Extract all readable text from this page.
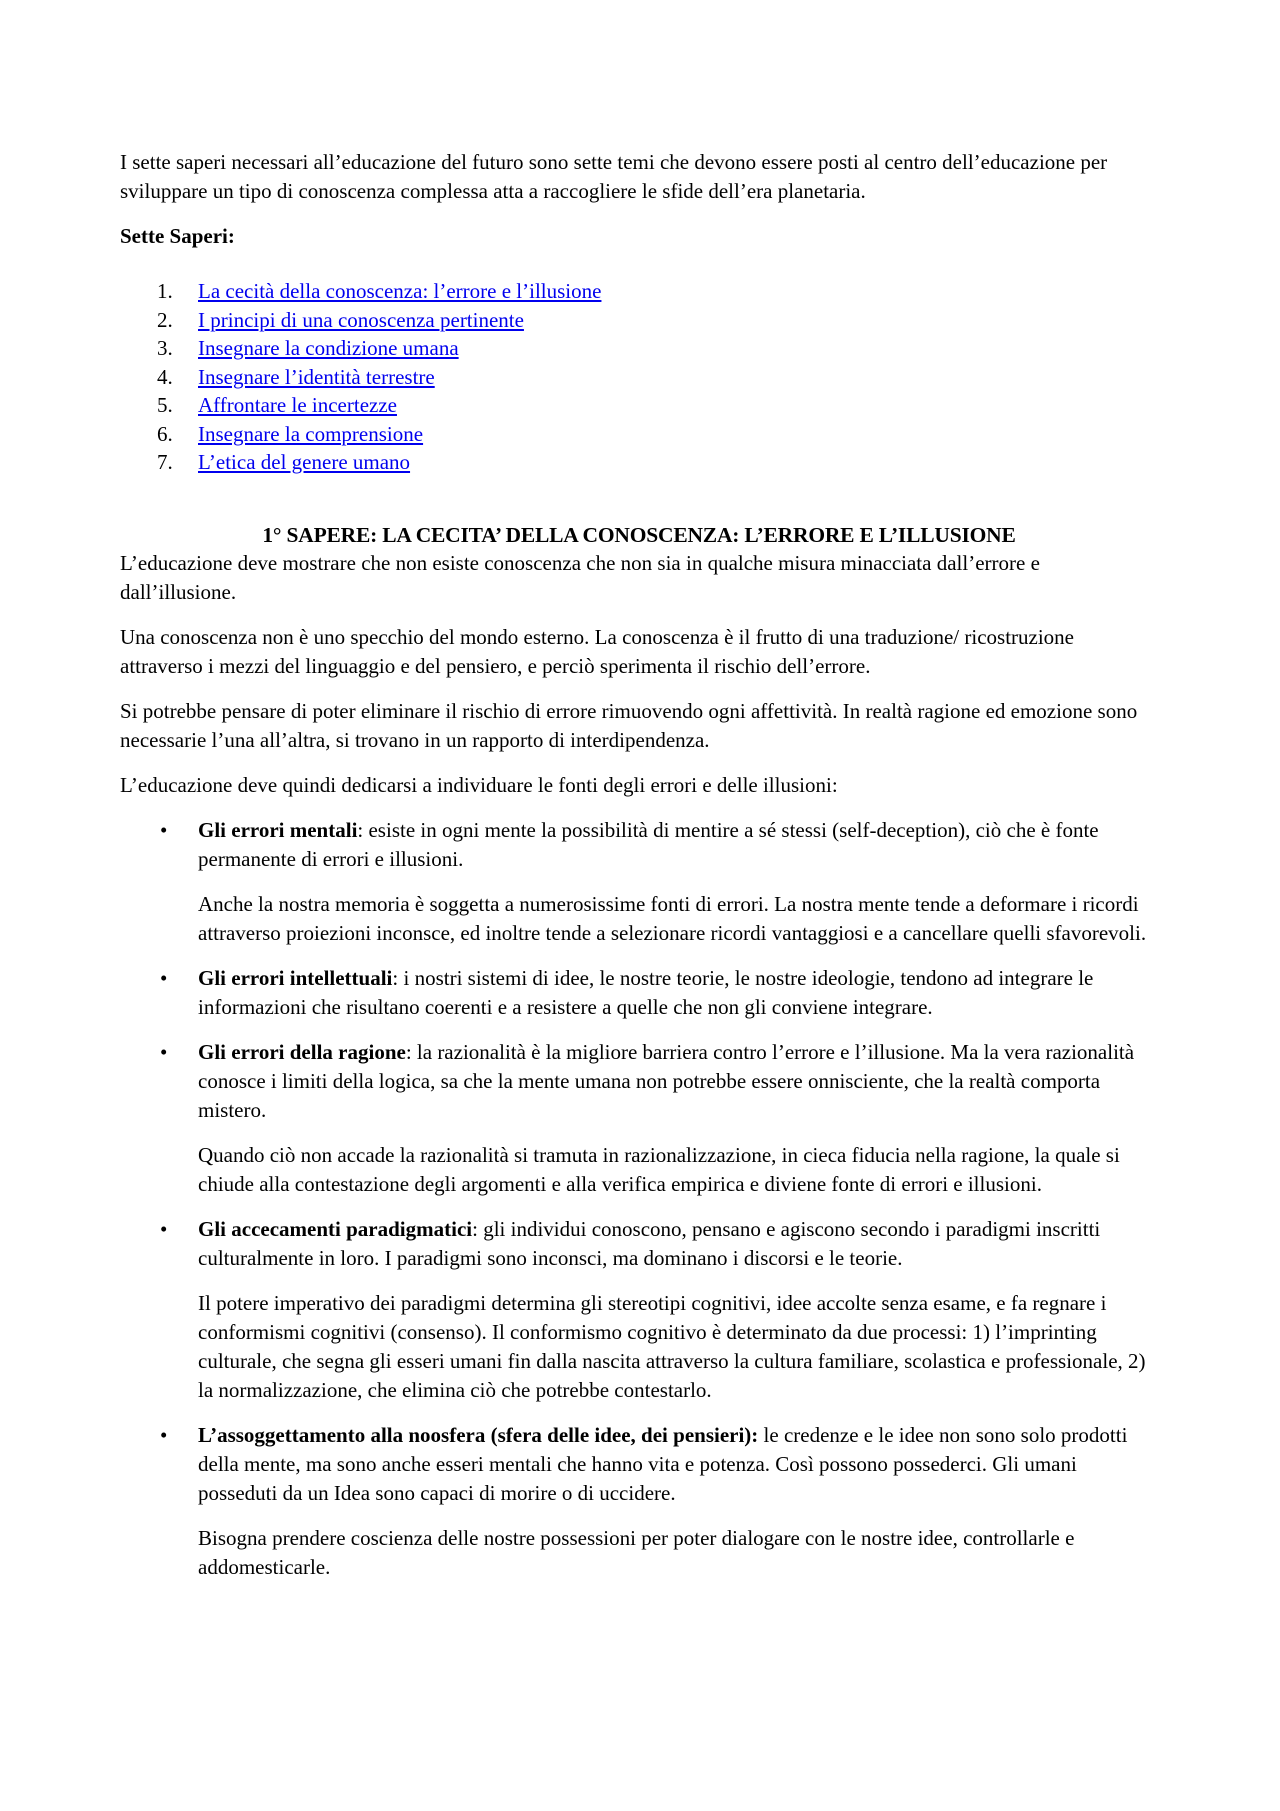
I sette saperi necessari all’educazione del futuro sono sette temi che devono essere posti al centro dell’educazione per sviluppare un tipo di conoscenza complessa atta a raccogliere le sfide dell’era planetaria.

Sette Saperi:

1.	La cecità della conoscenza: l’errore e l’illusione
2.	I principi di una conoscenza pertinente
3.	Insegnare la condizione umana
4.	Insegnare l’identità terrestre
5.	Affrontare le incertezze
6.	Insegnare la comprensione
7.	L’etica del genere umano

1° SAPERE: LA CECITA’ DELLA CONOSCENZA: L’ERRORE E L’ILLUSIONE

L’educazione deve mostrare che non esiste conoscenza che non sia in qualche misura minacciata dall’errore e dall’illusione.

Una conoscenza non è uno specchio del mondo esterno. La conoscenza è il frutto di una traduzione/ ricostruzione attraverso i mezzi del linguaggio e del pensiero, e perciò sperimenta il rischio dell’errore.

Si potrebbe pensare di poter eliminare il rischio di errore rimuovendo ogni affettività. In realtà ragione ed emozione sono necessarie l’una all’altra, si trovano in un rapporto di interdipendenza.

L’educazione deve quindi dedicarsi a individuare le fonti degli errori e delle illusioni:

• Gli errori mentali: esiste in ogni mente la possibilità di mentire a sé stessi (self-deception), ciò che è fonte permanente di errori e illusioni.

Anche la nostra memoria è soggetta a numerosissime fonti di errori. La nostra mente tende a deformare i ricordi attraverso proiezioni inconsce, ed inoltre tende a selezionare ricordi vantaggiosi e a cancellare quelli sfavorevoli.

• Gli errori intellettuali: i nostri sistemi di idee, le nostre teorie, le nostre ideologie, tendono ad integrare le informazioni che risultano coerenti e a resistere a quelle che non gli conviene integrare.

• Gli errori della ragione: la razionalità è la migliore barriera contro l’errore e l’illusione. Ma la vera razionalità conosce i limiti della logica, sa che la mente umana non potrebbe essere onnisciente, che la realtà comporta mistero.

Quando ciò non accade la razionalità si tramuta in razionalizzazione, in cieca fiducia nella ragione, la quale si chiude alla contestazione degli argomenti e alla verifica empirica e diviene fonte di errori e illusioni.

• Gli accecamenti paradigmatici: gli individui conoscono, pensano e agiscono secondo i paradigmi inscritti culturalmente in loro. I paradigmi sono inconsci, ma dominano i discorsi e le teorie.

Il potere imperativo dei paradigmi determina gli stereotipi cognitivi, idee accolte senza esame, e fa regnare i conformismi cognitivi (consenso). Il conformismo cognitivo è determinato da due processi: 1) l’imprinting culturale, che segna gli esseri umani fin dalla nascita attraverso la cultura familiare, scolastica e professionale, 2) la normalizzazione, che elimina ciò che potrebbe contestarlo.

• L’assoggettamento alla noosfera (sfera delle idee, dei pensieri): le credenze e le idee non sono solo prodotti della mente, ma sono anche esseri mentali che hanno vita e potenza. Così possono possederci. Gli umani posseduti da un Idea sono capaci di morire o di uccidere.

Bisogna prendere coscienza delle nostre possessioni per poter dialogare con le nostre idee, controllarle e addomesticarle.
